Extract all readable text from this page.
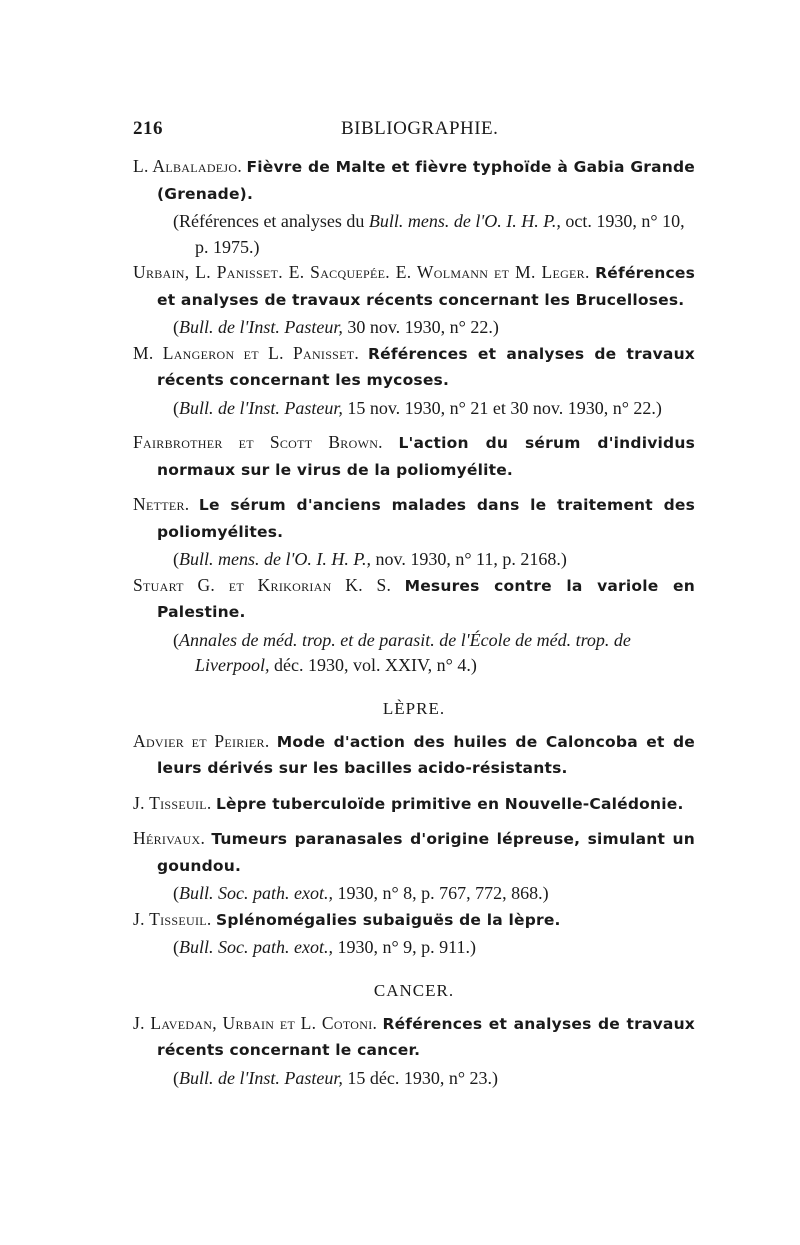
216	BIBLIOGRAPHIE.
L. Albaladejo. Fièvre de Malte et fièvre typhoïde à Gabia Grande (Grenade).
(Références et analyses du Bull. mens. de l'O. I. H. P., oct. 1930, n° 10, p. 1975.)
Urbain, L. Panisset. E. Sacquepée. E. Wolmann et M. Leger. Références et analyses de travaux récents concernant les Brucelloses.
(Bull. de l'Inst. Pasteur, 30 nov. 1930, n° 22.)
M. Langeron et L. Panisset. Références et analyses de travaux récents concernant les mycoses.
(Bull. de l'Inst. Pasteur, 15 nov. 1930, n° 21 et 30 nov. 1930, n° 22.)
Fairbrother et Scott Brown. L'action du sérum d'individus normaux sur le virus de la poliomyélite.
Netter. Le sérum d'anciens malades dans le traitement des poliomyélites.
(Bull. mens. de l'O. I. H. P., nov. 1930, n° 11, p. 2168.)
Stuart G. et Krikorian K. S. Mesures contre la variole en Palestine.
(Annales de méd. trop. et de parasit. de l'École de méd. trop. de Liverpool, déc. 1930, vol. XXIV, n° 4.)
LÈPRE.
Advier et Peirier. Mode d'action des huiles de Caloncoba et de leurs dérivés sur les bacilles acido-résistants.
J. Tisseuil. Lèpre tuberculoïde primitive en Nouvelle-Calédonie.
Hérivaux. Tumeurs paranasales d'origine lépreuse, simulant un goundou.
(Bull. Soc. path. exot., 1930, n° 8, p. 767, 772, 868.)
J. Tisseuil. Splénomégalies subaiguës de la lèpre.
(Bull. Soc. path. exot., 1930, n° 9, p. 911.)
CANCER.
J. Lavedan, Urbain et L. Cotoni. Références et analyses de travaux récents concernant le cancer.
(Bull. de l'Inst. Pasteur, 15 déc. 1930, n° 23.)
